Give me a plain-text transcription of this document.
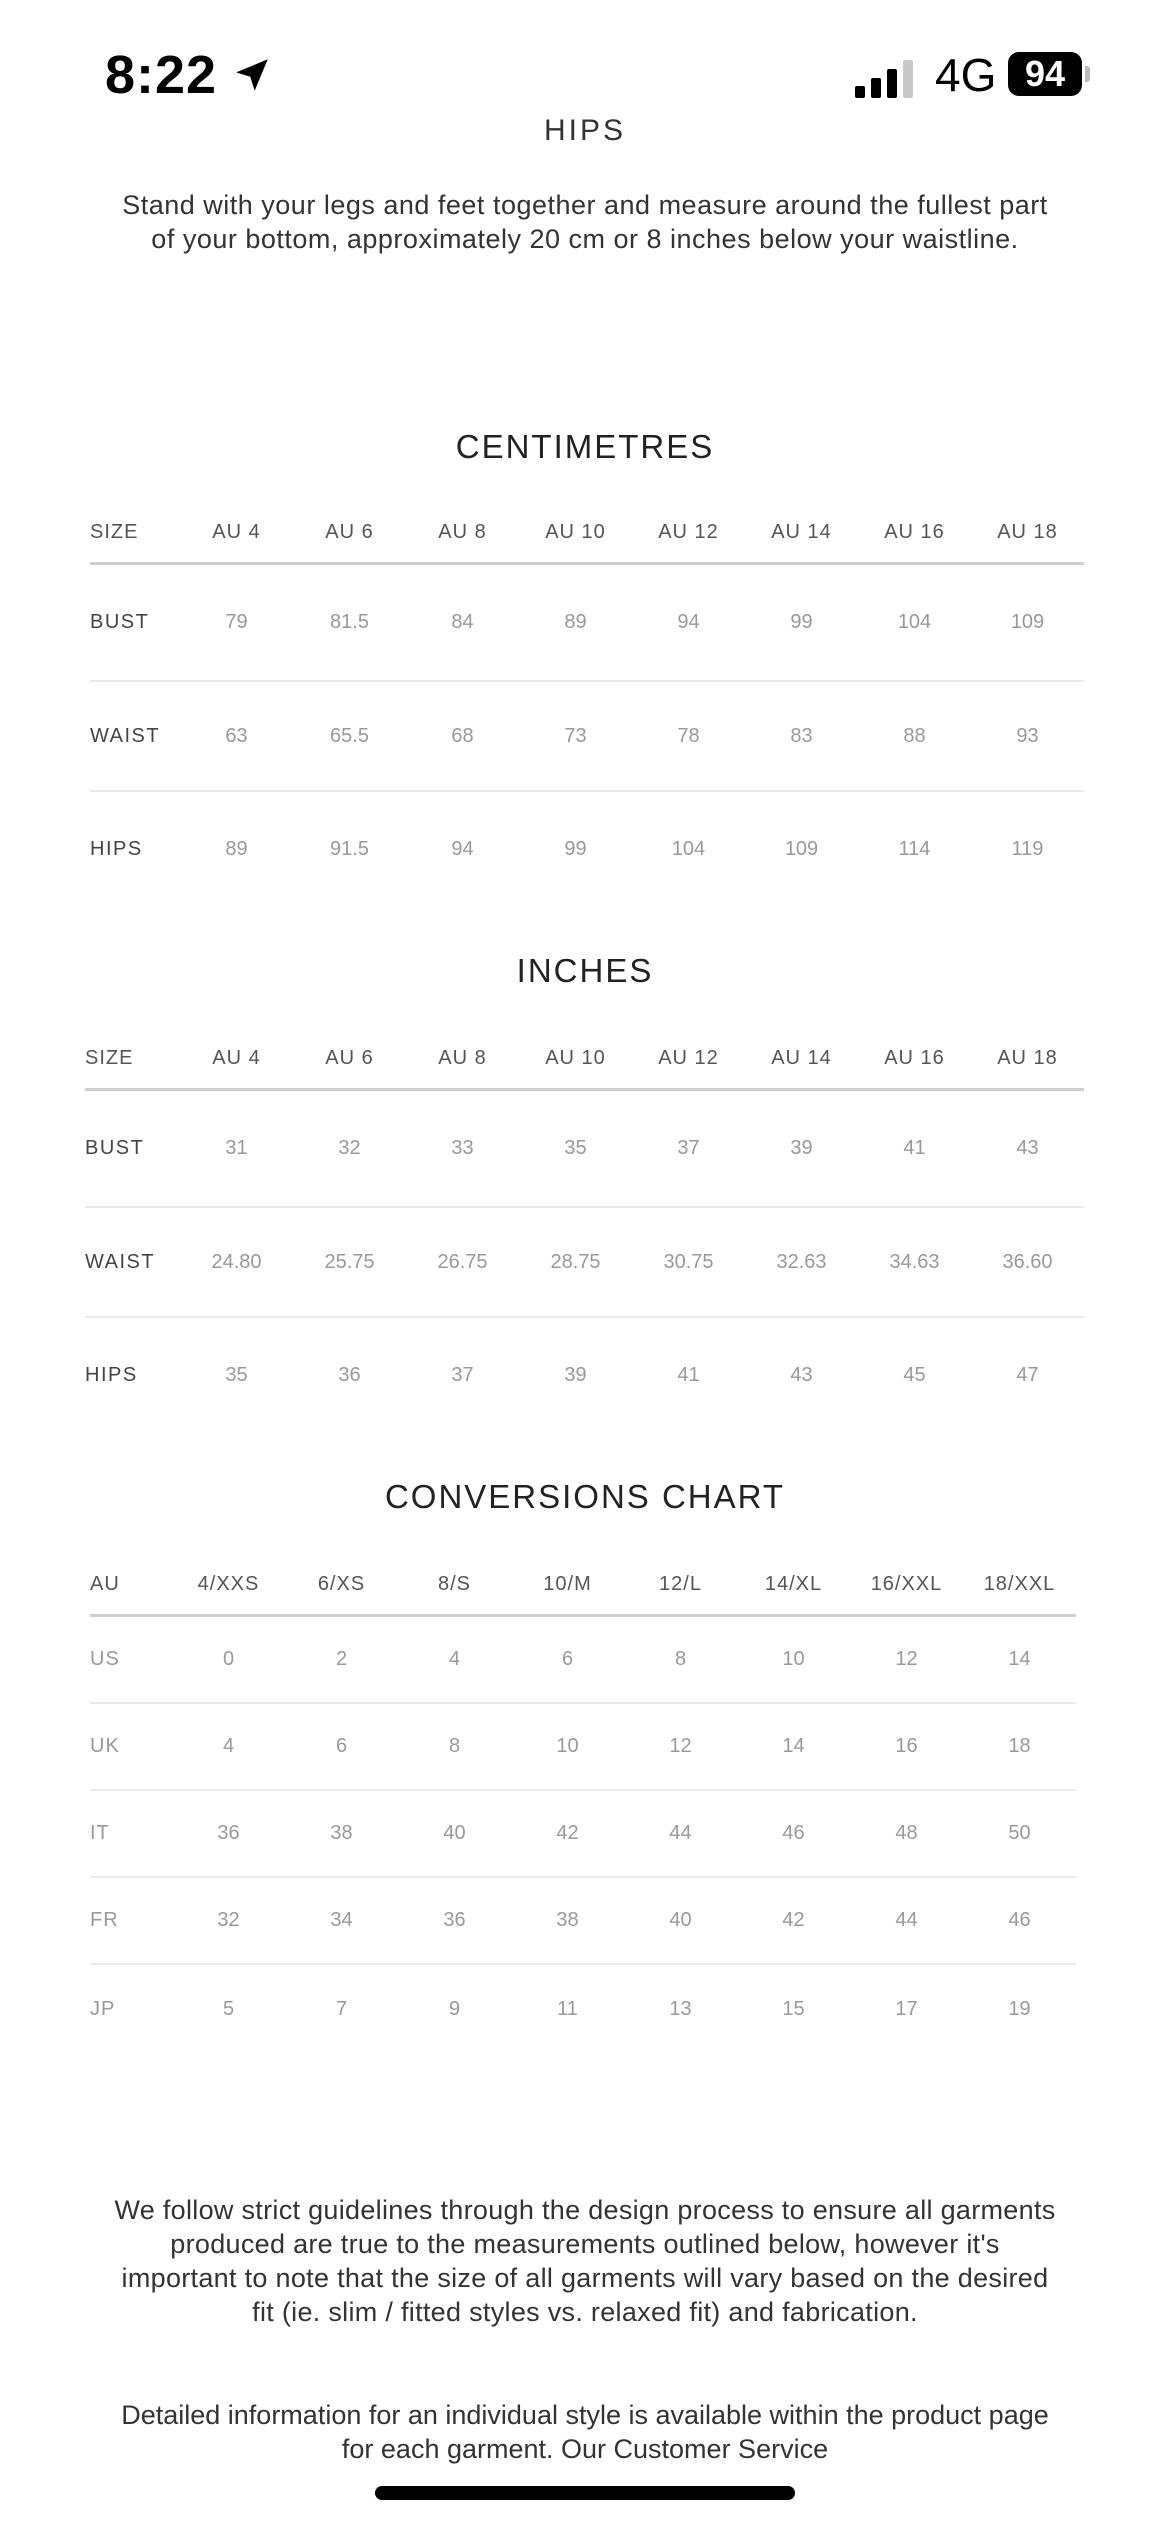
8:22	4G 94
HIPS
Stand with your legs and feet together and measure around the fullest part of your bottom, approximately 20 cm or 8 inches below your waistline.
CENTIMETRES
SIZE	AU 4	AU 6	AU 8	AU 10	AU 12	AU 14	AU 16	AU 18
BUST	79	81.5	84	89	94	99	104	109
WAIST	63	65.5	68	73	78	83	88	93
HIPS	89	91.5	94	99	104	109	114	119
INCHES
SIZE	AU 4	AU 6	AU 8	AU 10	AU 12	AU 14	AU 16	AU 18
BUST	31	32	33	35	37	39	41	43
WAIST	24.80	25.75	26.75	28.75	30.75	32.63	34.63	36.60
HIPS	35	36	37	39	41	43	45	47
CONVERSIONS CHART
AU	4/XXS	6/XS	8/S	10/M	12/L	14/XL	16/XXL	18/XXL
US	0	2	4	6	8	10	12	14
UK	4	6	8	10	12	14	16	18
IT	36	38	40	42	44	46	48	50
FR	32	34	36	38	40	42	44	46
JP	5	7	9	11	13	15	17	19
We follow strict guidelines through the design process to ensure all garments produced are true to the measurements outlined below, however it's important to note that the size of all garments will vary based on the desired fit (ie. slim / fitted styles vs. relaxed fit) and fabrication.
Detailed information for an individual style is available within the product page for each garment. Our Customer Service
